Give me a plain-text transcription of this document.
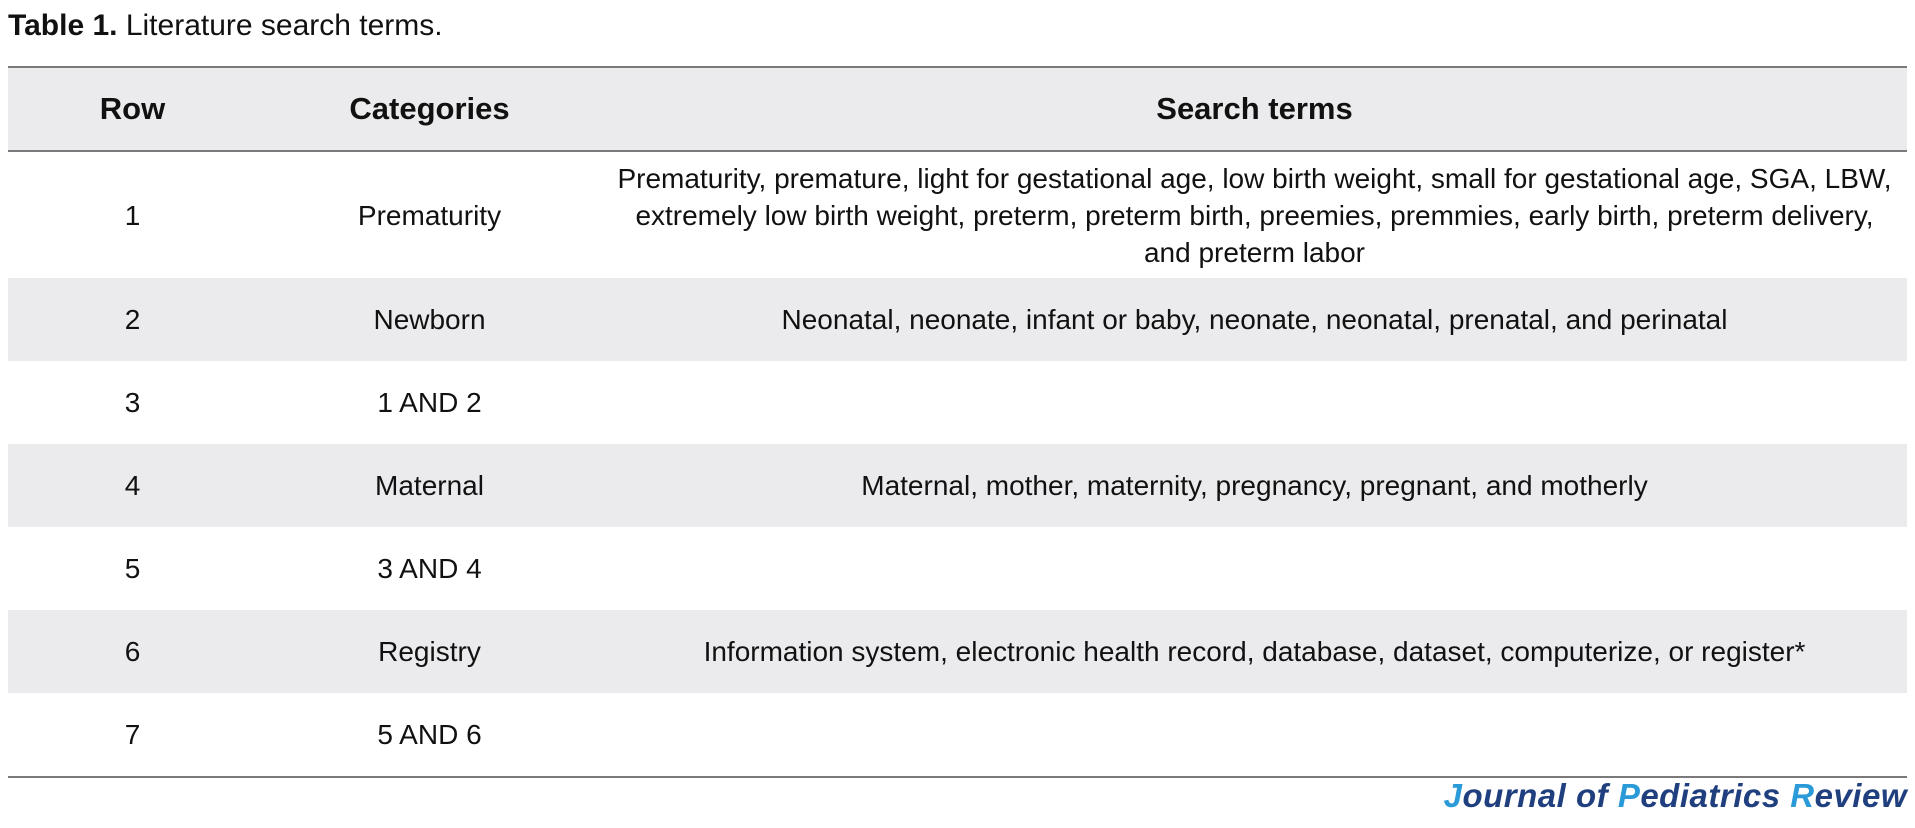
Table 1. Literature search terms.
Row	Categories	Search terms
1	Prematurity	Prematurity, premature, light for gestational age, low birth weight, small for gestational age, SGA, LBW, extremely low birth weight, preterm, preterm birth, preemies, premmies, early birth, preterm delivery, and preterm labor
2	Newborn	Neonatal, neonate, infant or baby, neonate, neonatal, prenatal, and perinatal
3	1 AND 2	
4	Maternal	Maternal, mother, maternity, pregnancy, pregnant, and motherly
5	3 AND 4	
6	Registry	Information system, electronic health record, database, dataset, computerize, or register*
7	5 AND 6	
Journal of Pediatrics Review
